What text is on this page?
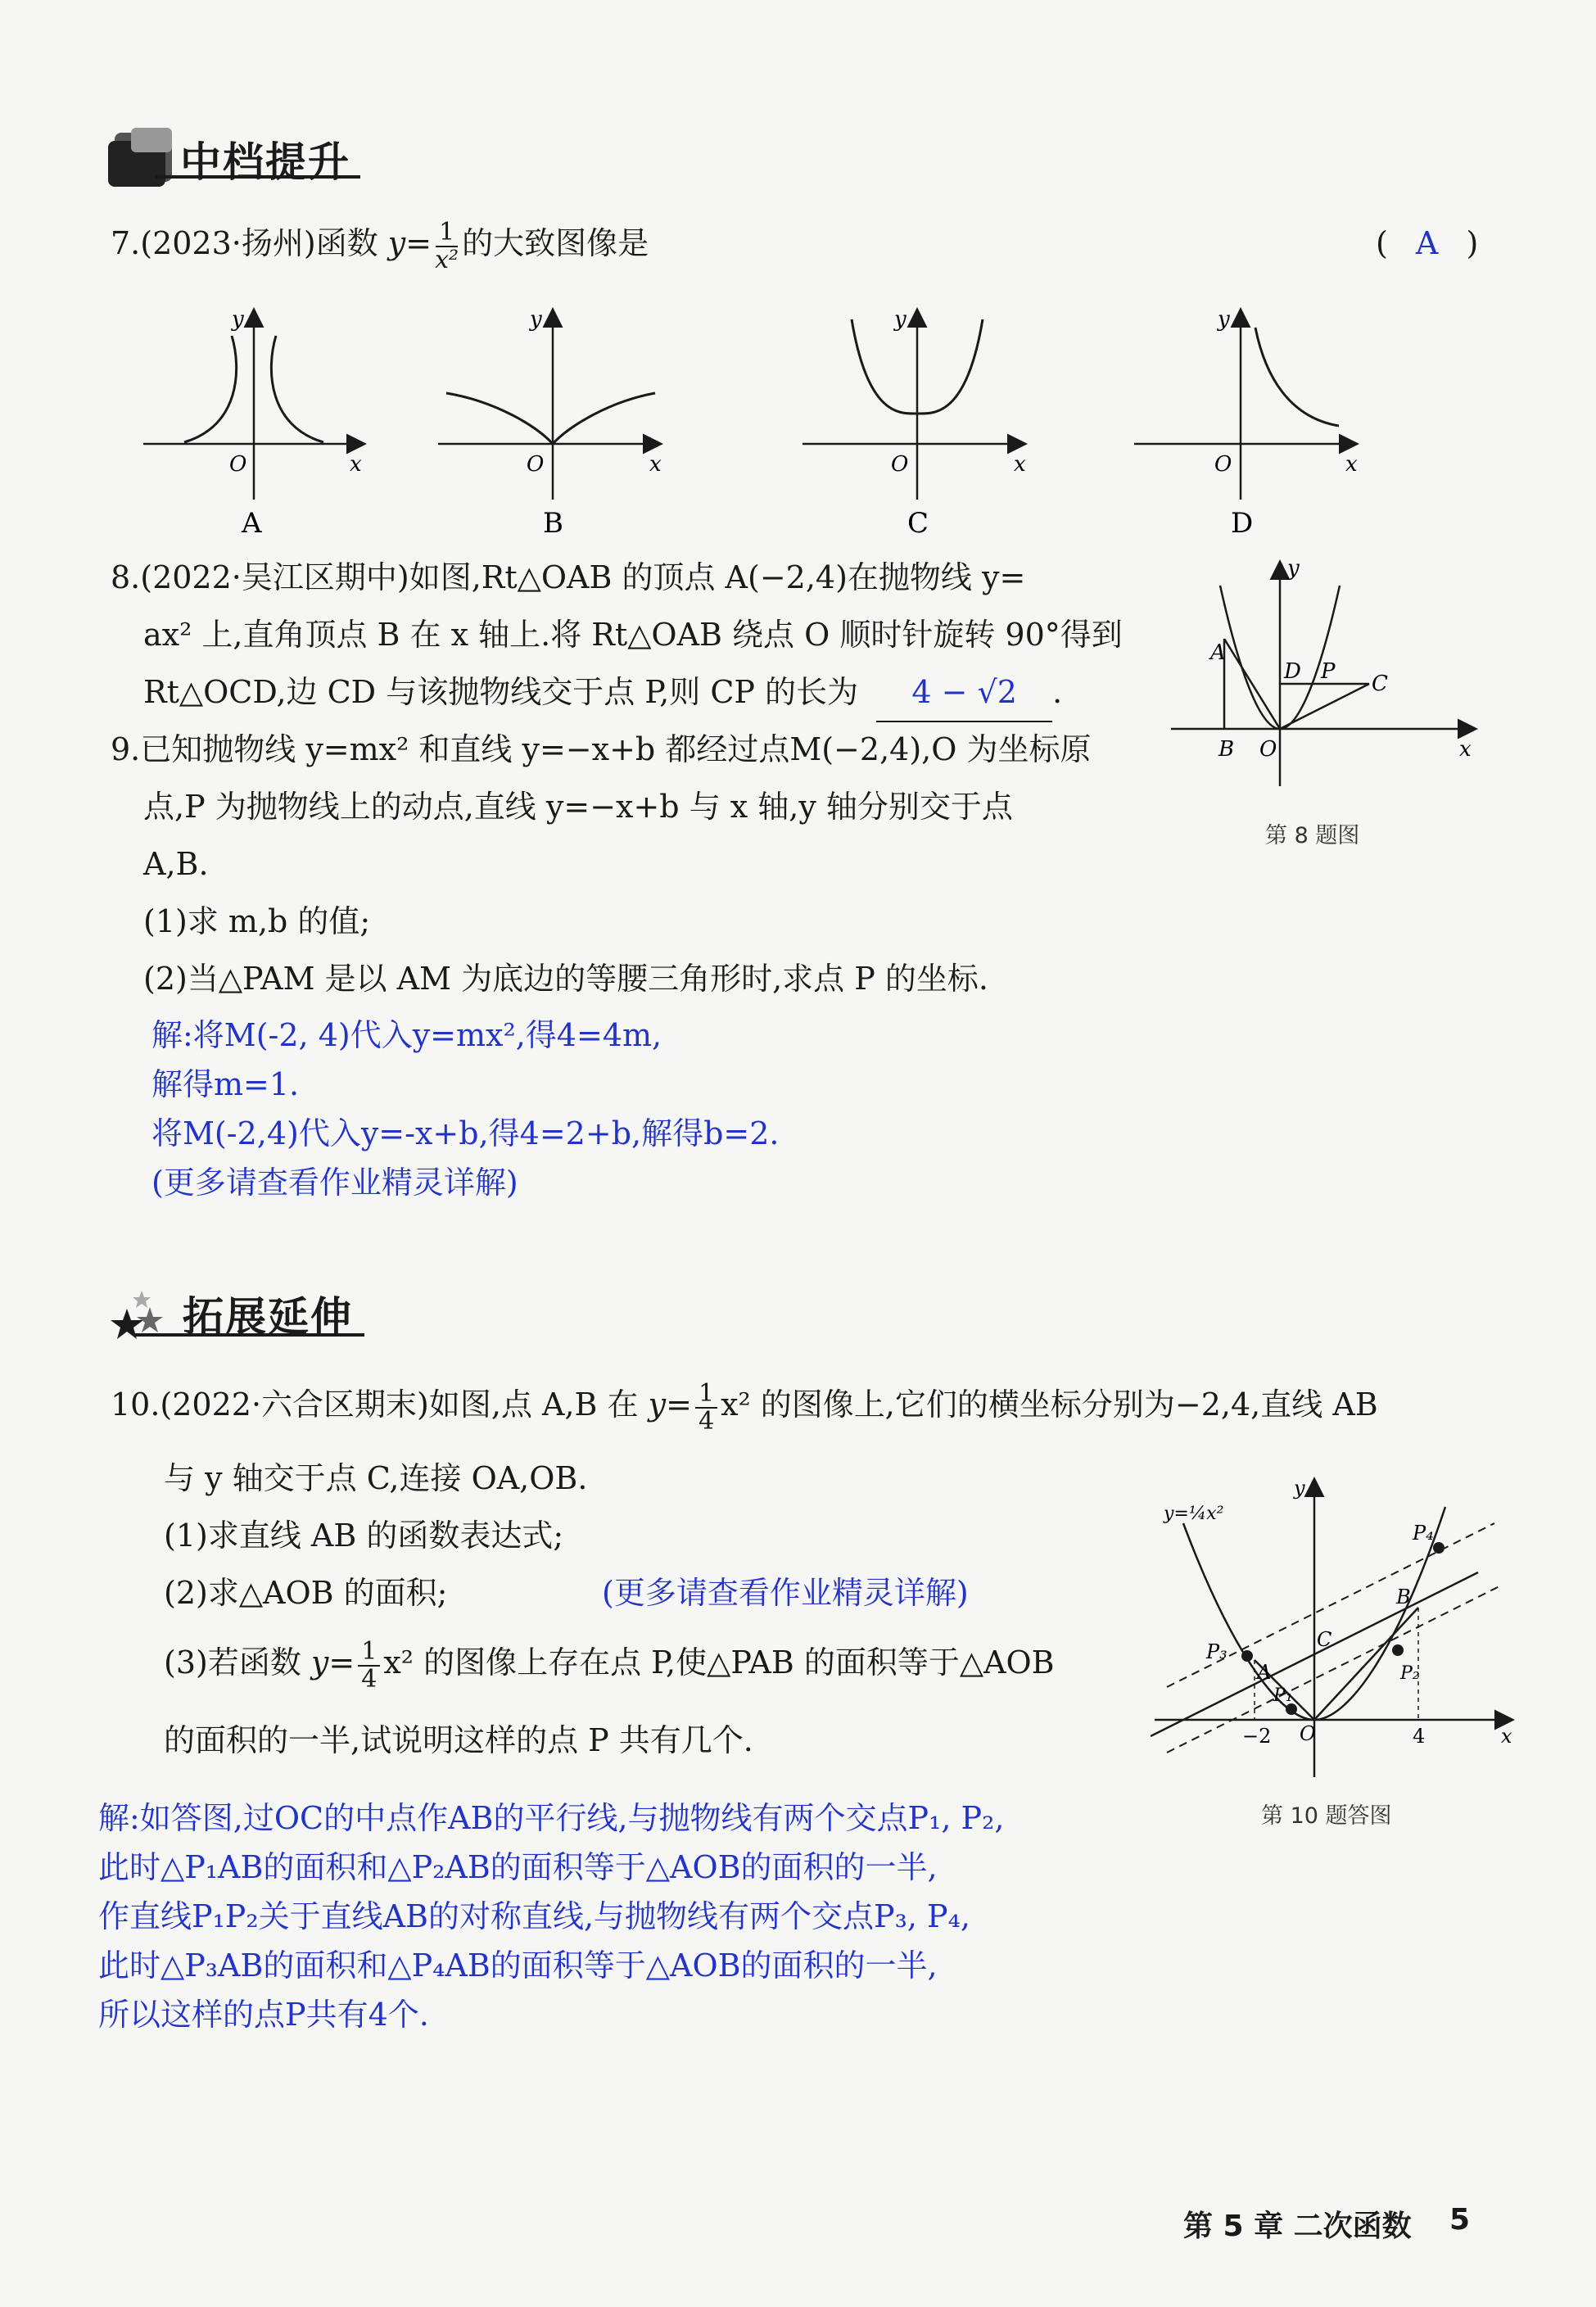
中档提升
7.(2023·扬州)函数 $y= \frac{1}{\text{x²}}$ 的大致图像是	( A )
O	x
y
A
O	x
y
B
O	x
y
C
O	x
y
D
8.(2022·吴江区期中)如图,Rt△OAB 的顶点 A(−2,4)在抛物线 y=
ax² 上,直角顶点 B 在 x 轴上.将 Rt△OAB 绕点 O 顺时针旋转 90°得到
Rt△OCD,边 CD 与该抛物线交于点 P,则 CP 的长为 4 − √2 .
A
D P C
B O	x
y
第 8 题图
9.已知抛物线 y=mx² 和直线 y=−x+b 都经过点M(−2,4),O 为坐标原
点,P 为抛物线上的动点,直线 y=−x+b 与 x 轴,y 轴分别交于点
A,B.
(1)求 m,b 的值;
(2)当△PAM 是以 AM 为底边的等腰三角形时,求点 P 的坐标.
解:将M(-2, 4)代入y=mx²,得4=4m,
解得m=1.
将M(-2,4)代入y=-x+b,得4=2+b,解得b=2.
(更多请查看作业精灵详解)
拓展延伸
10.(2022·六合区期末)如图,点 A,B 在 $y= \frac{1}{4} x^2$ 的图像上,它们的横坐标分别为−2,4,直线 AB
与 y 轴交于点 C,连接 OA,OB.
(1)求直线 AB 的函数表达式;
(2)求△AOB 的面积;	(更多请查看作业精灵详解)
(3)若函数 $y= \frac{1}{4} x^2$ 的图像上存在点 P,使△PAB 的面积等于△AOB
的面积的一半,试说明这样的点 P 共有几个.
y=¼x²
P₄
B
C
P₃
A
P₁
P₂
O
−2	4	x
y
第 10 题答图
解:如答图,过OC的中点作AB的平行线,与抛物线有两个交点P₁, P₂,
此时△P₁AB的面积和△P₂AB的面积等于△AOB的面积的一半,
作直线P₁P₂关于直线AB的对称直线,与抛物线有两个交点P₃, P₄,
此时△P₃AB的面积和△P₄AB的面积等于△AOB的面积的一半,
所以这样的点P共有4个.
第 5 章 二次函数 5
